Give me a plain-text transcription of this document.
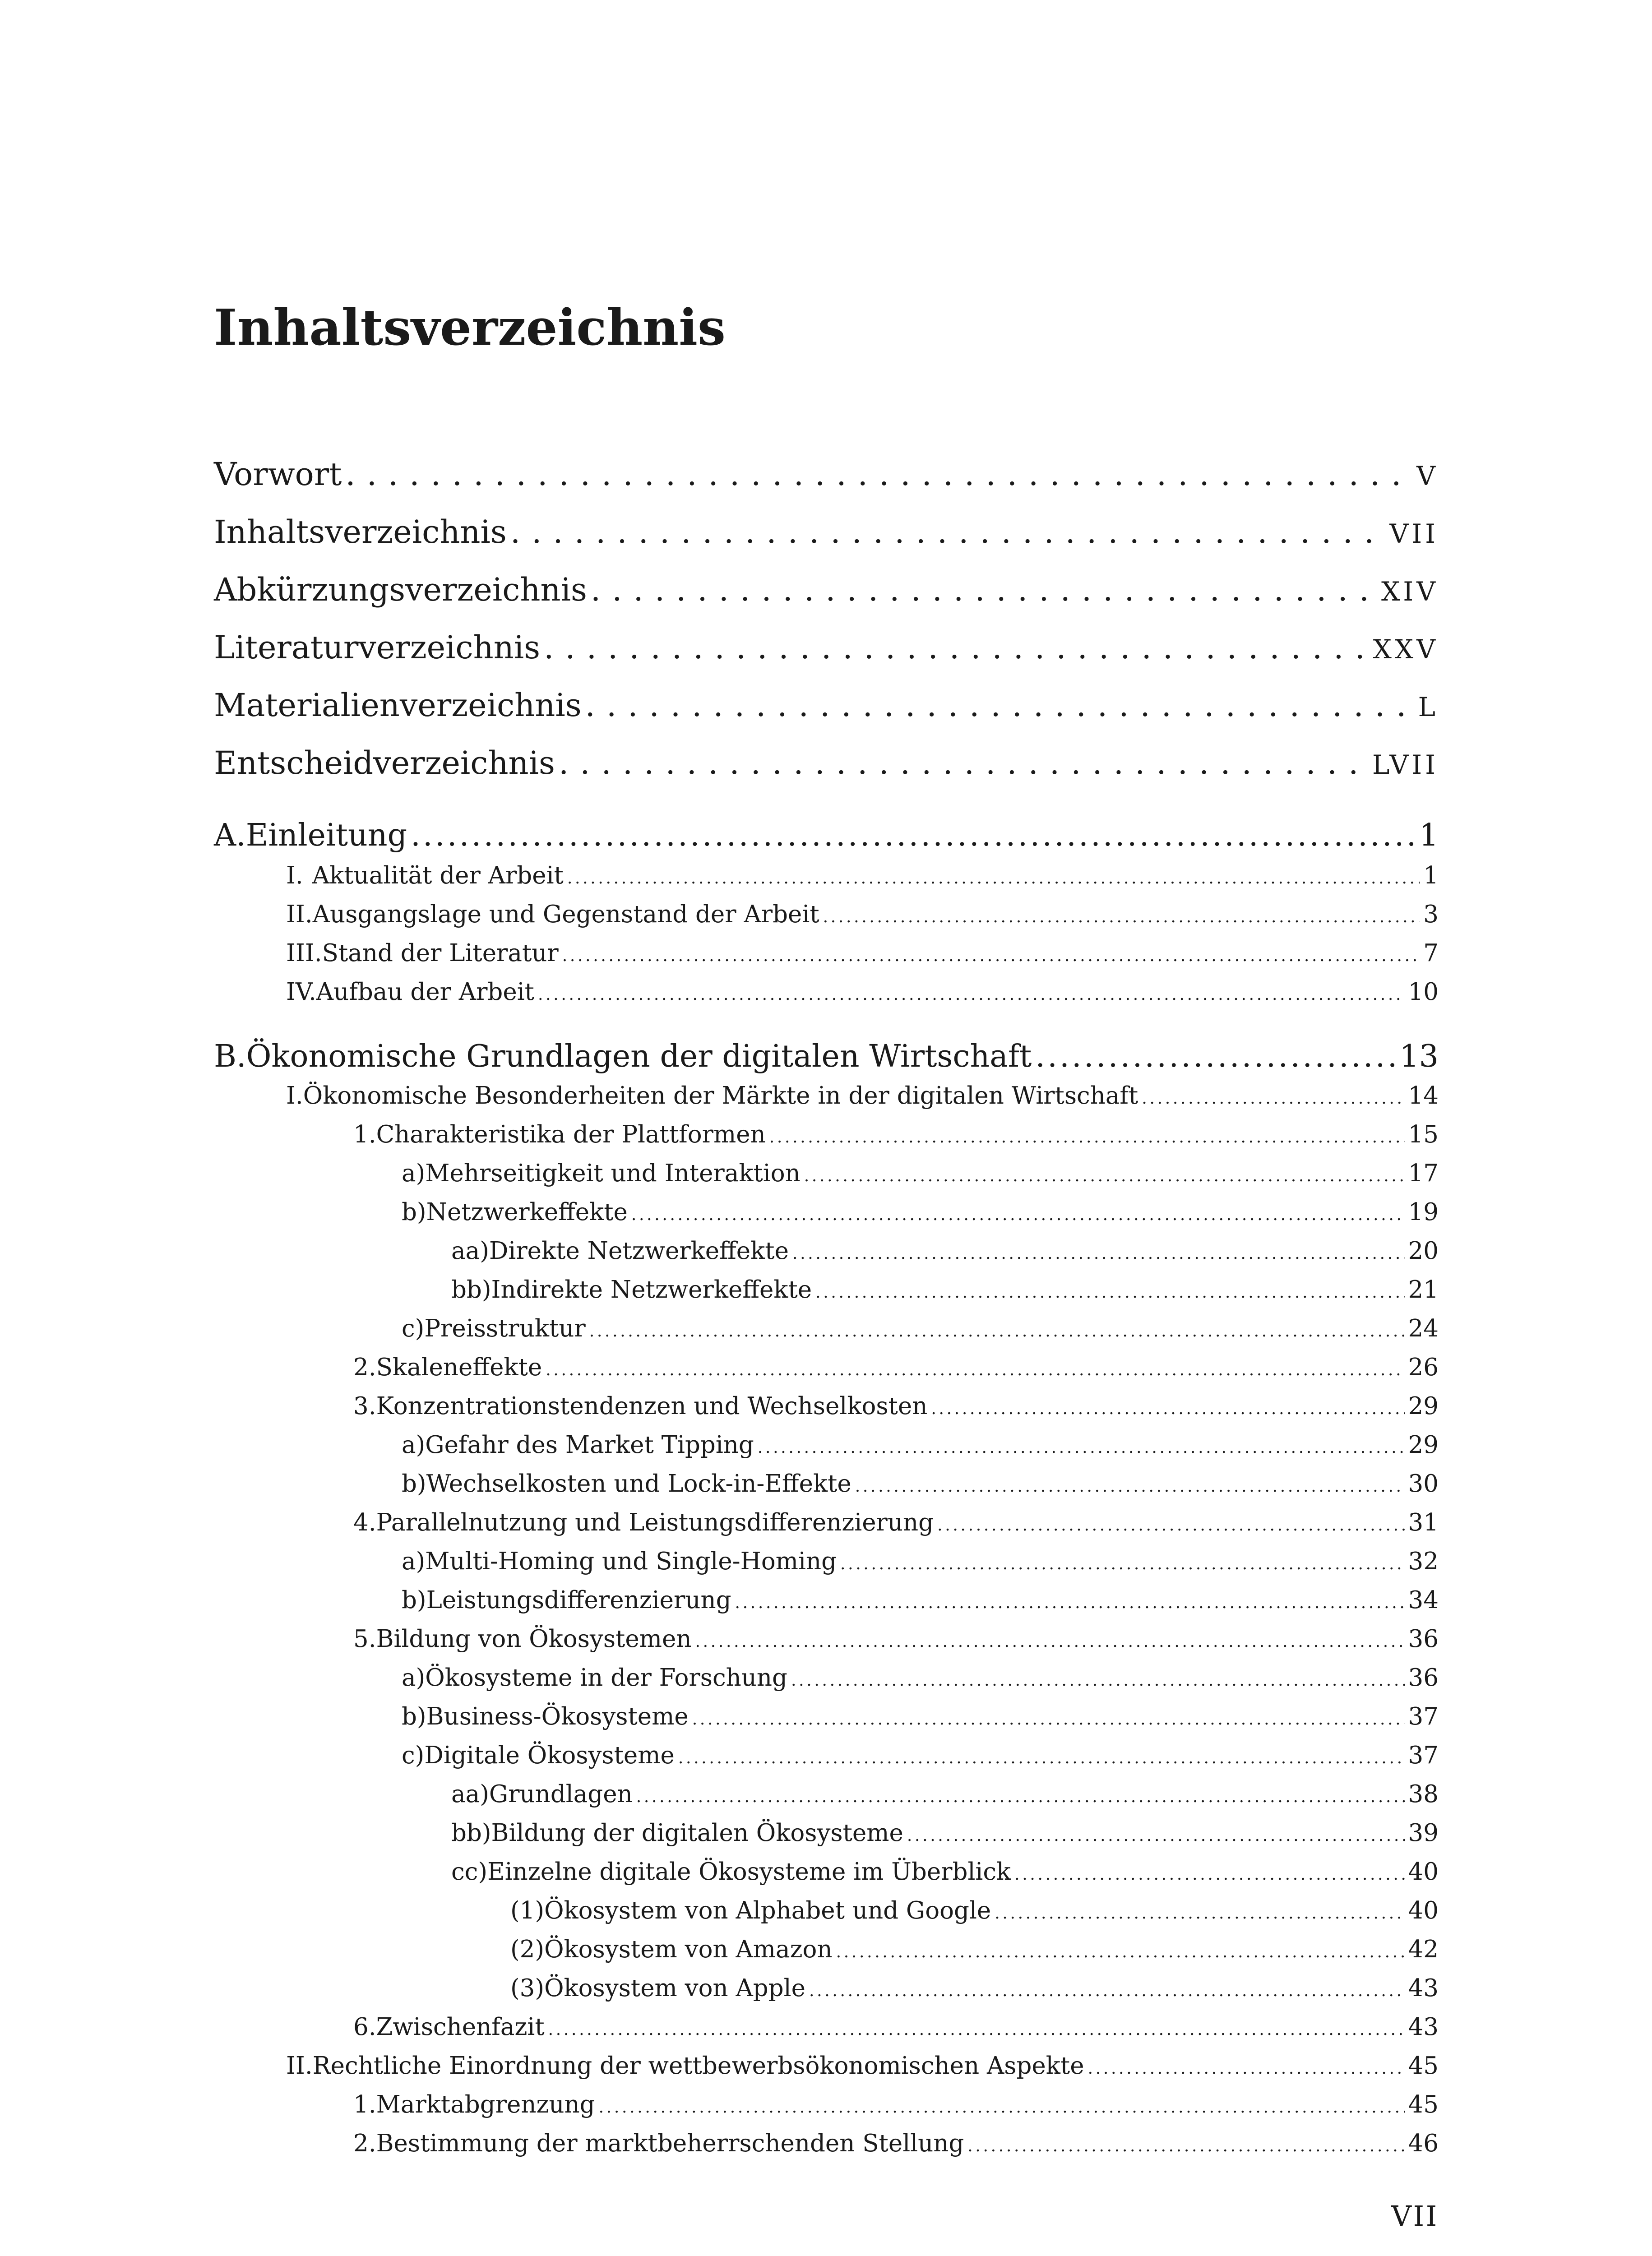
Inhaltsverzeichnis
Vorwort . . .	V
Inhaltsverzeichnis . . .	VII
Abkürzungsverzeichnis . . .	XIV
Literaturverzeichnis . . .	XXV
Materialienverzeichnis . . .	L
Entscheidverzeichnis . . .	LVII
A. Einleitung . . .	1
I. Aktualität der Arbeit . . .	1
II. Ausgangslage und Gegenstand der Arbeit . . .	3
III. Stand der Literatur . . .	7
IV. Aufbau der Arbeit . . .	10
B. Ökonomische Grundlagen der digitalen Wirtschaft . . .	13
I. Ökonomische Besonderheiten der Märkte in der digitalen Wirtschaft . . .	14
1. Charakteristika der Plattformen . . .	15
a) Mehrseitigkeit und Interaktion . . .	17
b) Netzwerkeffekte . . .	19
aa) Direkte Netzwerkeffekte . . .	20
bb) Indirekte Netzwerkeffekte . . .	21
c) Preisstruktur . . .	24
2. Skaleneffekte . . .	26
3. Konzentrationstendenzen und Wechselkosten . . .	29
a) Gefahr des Market Tipping . . .	29
b) Wechselkosten und Lock-in-Effekte . . .	30
4. Parallelnutzung und Leistungsdifferenzierung . . .	31
a) Multi-Homing und Single-Homing . . .	32
b) Leistungsdifferenzierung . . .	34
5. Bildung von Ökosystemen . . .	36
a) Ökosysteme in der Forschung . . .	36
b) Business-Ökosysteme . . .	37
c) Digitale Ökosysteme . . .	37
aa) Grundlagen . . .	38
bb) Bildung der digitalen Ökosysteme . . .	39
cc) Einzelne digitale Ökosysteme im Überblick . . .	40
(1) Ökosystem von Alphabet und Google . . .	40
(2) Ökosystem von Amazon . . .	42
(3) Ökosystem von Apple . . .	43
6. Zwischenfazit . . .	43
II. Rechtliche Einordnung der wettbewerbsökonomischen Aspekte . . .	45
1. Marktabgrenzung . . .	45
2. Bestimmung der marktbeherrschenden Stellung . . .	46
VII
